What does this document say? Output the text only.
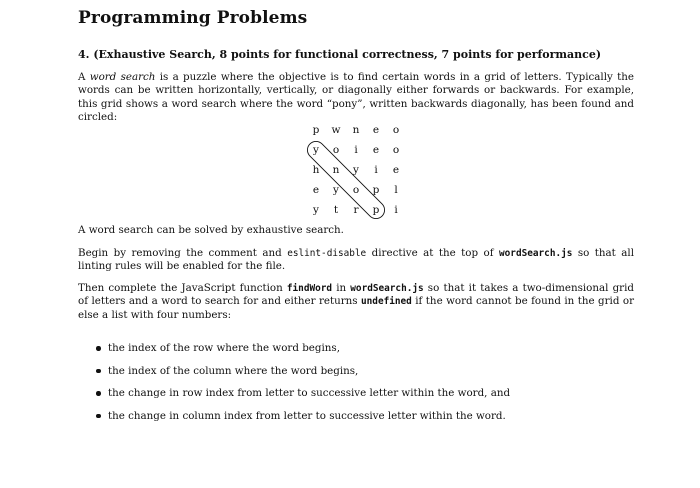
Programming Problems

4. (Exhaustive Search, 8 points for functional correctness, 7 points for performance)

A word search is a puzzle where the objective is to find certain words in a grid of letters. Typically the words can be written horizontally, vertically, or diagonally either forwards or backwards. For example, this grid shows a word search where the word “pony”, written backwards diagonally, has been found and circled:

p	w	n	e	o
y	o	i	e	o
h	n	y	i	e
e	y	o	p	l
y	t	r	p	i

A word search can be solved by exhaustive search.

Begin by removing the comment and eslint-disable directive at the top of wordSearch.js so that all linting rules will be enabled for the file.

Then complete the JavaScript function findWord in wordSearch.js so that it takes a two-dimensional grid of letters and a word to search for and either returns undefined if the word cannot be found in the grid or else a list with four numbers:

the index of the row where the word begins,
the index of the column where the word begins,
the change in row index from letter to successive letter within the word, and
the change in column index from letter to successive letter within the word.
